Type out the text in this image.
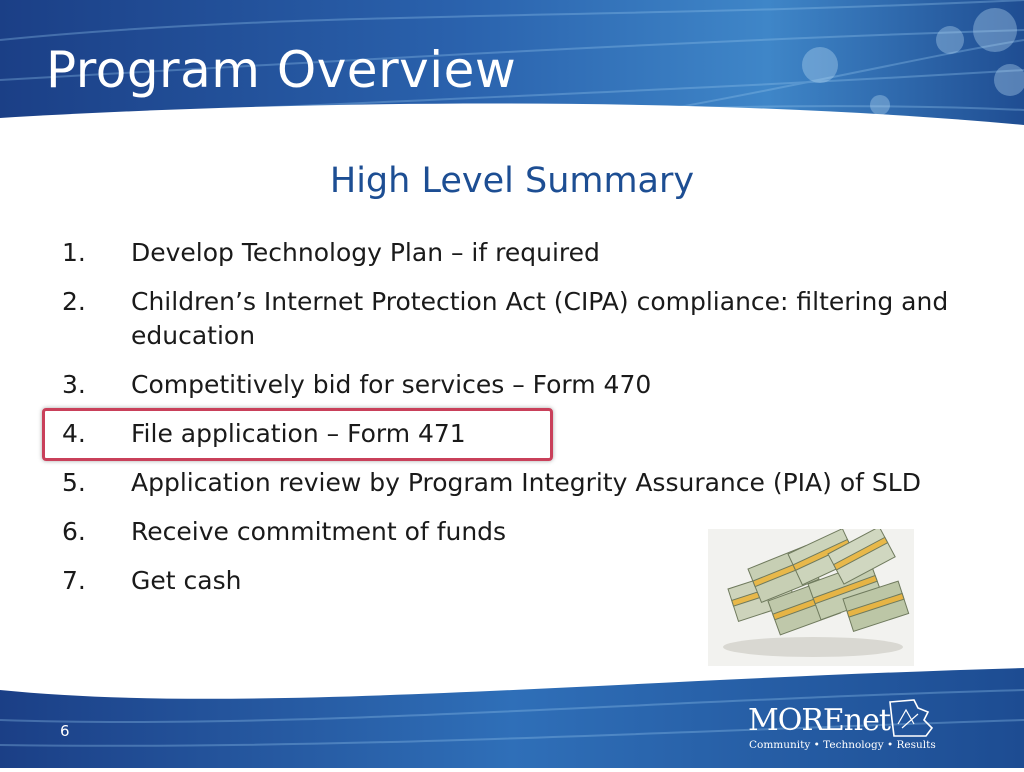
Program Overview
High Level Summary
1. Develop Technology Plan – if required
2. Children’s Internet Protection Act (CIPA) compliance: filtering and education
3. Competitively bid for services – Form 470
4. File application – Form 471
5. Application review by Program Integrity Assurance (PIA) of SLD
6. Receive commitment of funds
7. Get cash
6	MOREnet
Community • Technology • Results
